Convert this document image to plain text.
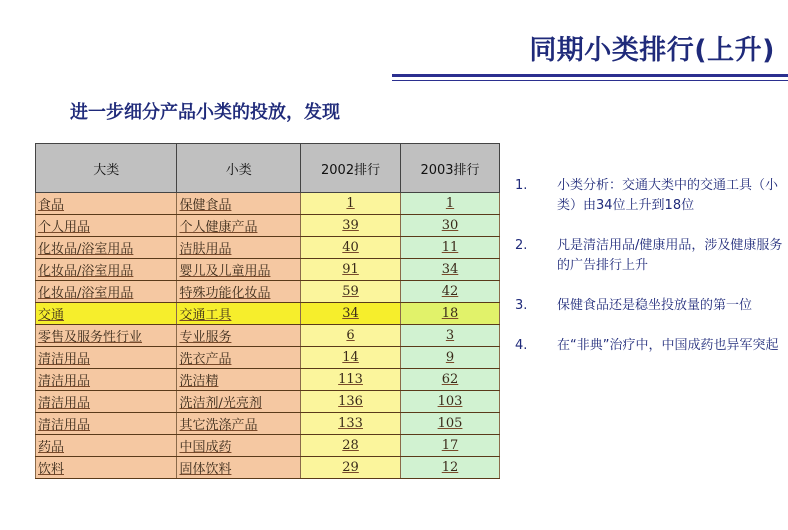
同期小类排行(上升)
进一步细分产品小类的投放，发现
大类	小类	2002排行	2003排行
食品	保健食品	1	1
个人用品	个人健康产品	39	30
化妆品/浴室用品	洁肤用品	40	11
化妆品/浴室用品	婴儿及儿童用品	91	34
化妆品/浴室用品	特殊功能化妆品	59	42
交通	交通工具	34	18
零售及服务性行业	专业服务	6	3
清洁用品	洗衣产品	14	9
清洁用品	洗洁精	113	62
清洁用品	洗洁剂/光亮剂	136	103
清洁用品	其它洗涤产品	133	105
药品	中国成药	28	17
饮料	固体饮料	29	12
1.	小类分析：交通大类中的交通工具（小类）由34位上升到18位
2.	凡是清洁用品/健康用品，涉及健康服务的广告排行上升
3.	保健食品还是稳坐投放量的第一位
4.	在“非典”治疗中，中国成药也异军突起
